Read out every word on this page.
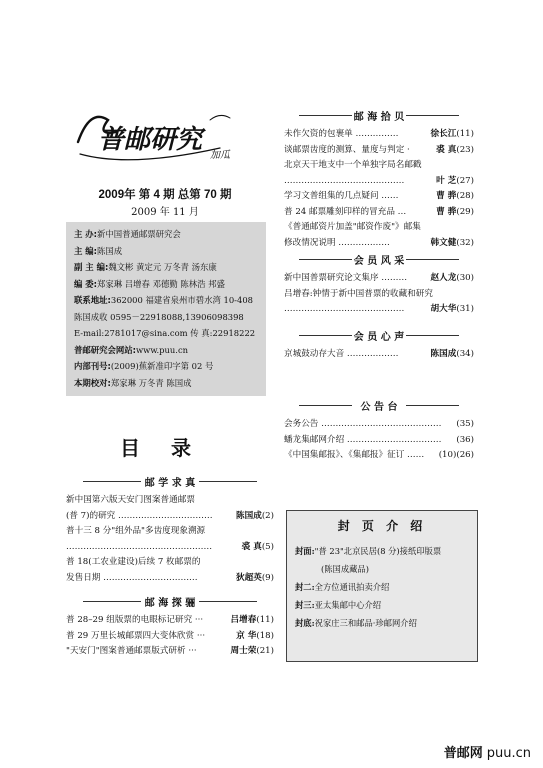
普邮研究
加瓜
2009年 第 4 期 总第 70 期
2009 年 11 月
主 办:新中国普通邮票研究会
主 编:陈国成
副 主 编:魏文彬 黄定元 万冬青 汤东康
编 委:郑家琳 吕增春 邓德勤 陈林浩 邦盛
联系地址:362000 福建省泉州市碧水湾 10-408
陈国成收 0595－22918088,13906098398
E-mail:2781017@sina.com 传 真:22918222
普邮研究会网站:www.puu.cn
内部刊号:(2009)蕉新准印字第 02 号
本期校对:郑家琳 万冬青 陈国成
目 录
邮 学 求 真
新中国第六版天安门图案普通邮票
(普 7)的研究 ……………………………	陈国成(2)
普十三 8 分"组外品"多齿度现象溯源
……………………………………………	裘 真(5)
普 18(工农业建设)后续 7 枚邮票的
发售日期 ……………………………	狄超英(9)
邮 海 探 骊
普 28–29 组版票的电眼标记研究 ···	吕增春(11)
普 29 万里长城邮票四大变体欣赏 ···	京 华(18)
"天安门"图案普通邮票版式研析 ···	周士荣(21)
邮 海 拾 贝
未作欠资的包裹单 ……………	徐长江(11)
谈邮票齿度的测算、量度与判定 ·	裘 真(23)
北京天干地支中一个单独字局名邮戳
……………………………………	叶 芝(27)
学习文普组集的几点疑问 ……	曹 骅(28)
普 24 邮票雕刻印样的冒充品 …	曹 骅(29)
《普通邮资片加盖"邮资作废"》邮集
修改情况说明 ………………	韩文健(32)
会 员 风 采
新中国普票研究论文集序 ………	赵人龙(30)
吕增春:钟情于新中国普票的收藏和研究
……………………………………	胡大华(31)
会 员 心 声
京城鼓动存大音 ………………	陈国成(34)
公 告 台
会务公告 …………………………………… (35)
蟠龙集邮网介绍 …………………………… (36)
《中国集邮报》、《集邮报》征订 …… (10)(26)
封 页 介 绍
封面:"普 23"北京民居(8 分)接纸印版票
(陈国成藏品)
封二:全方位通讯拍卖介绍
封三:亚太集邮中心介绍
封底:祝家庄三和邮品·珍邮网介绍
普邮网 puu.cn
